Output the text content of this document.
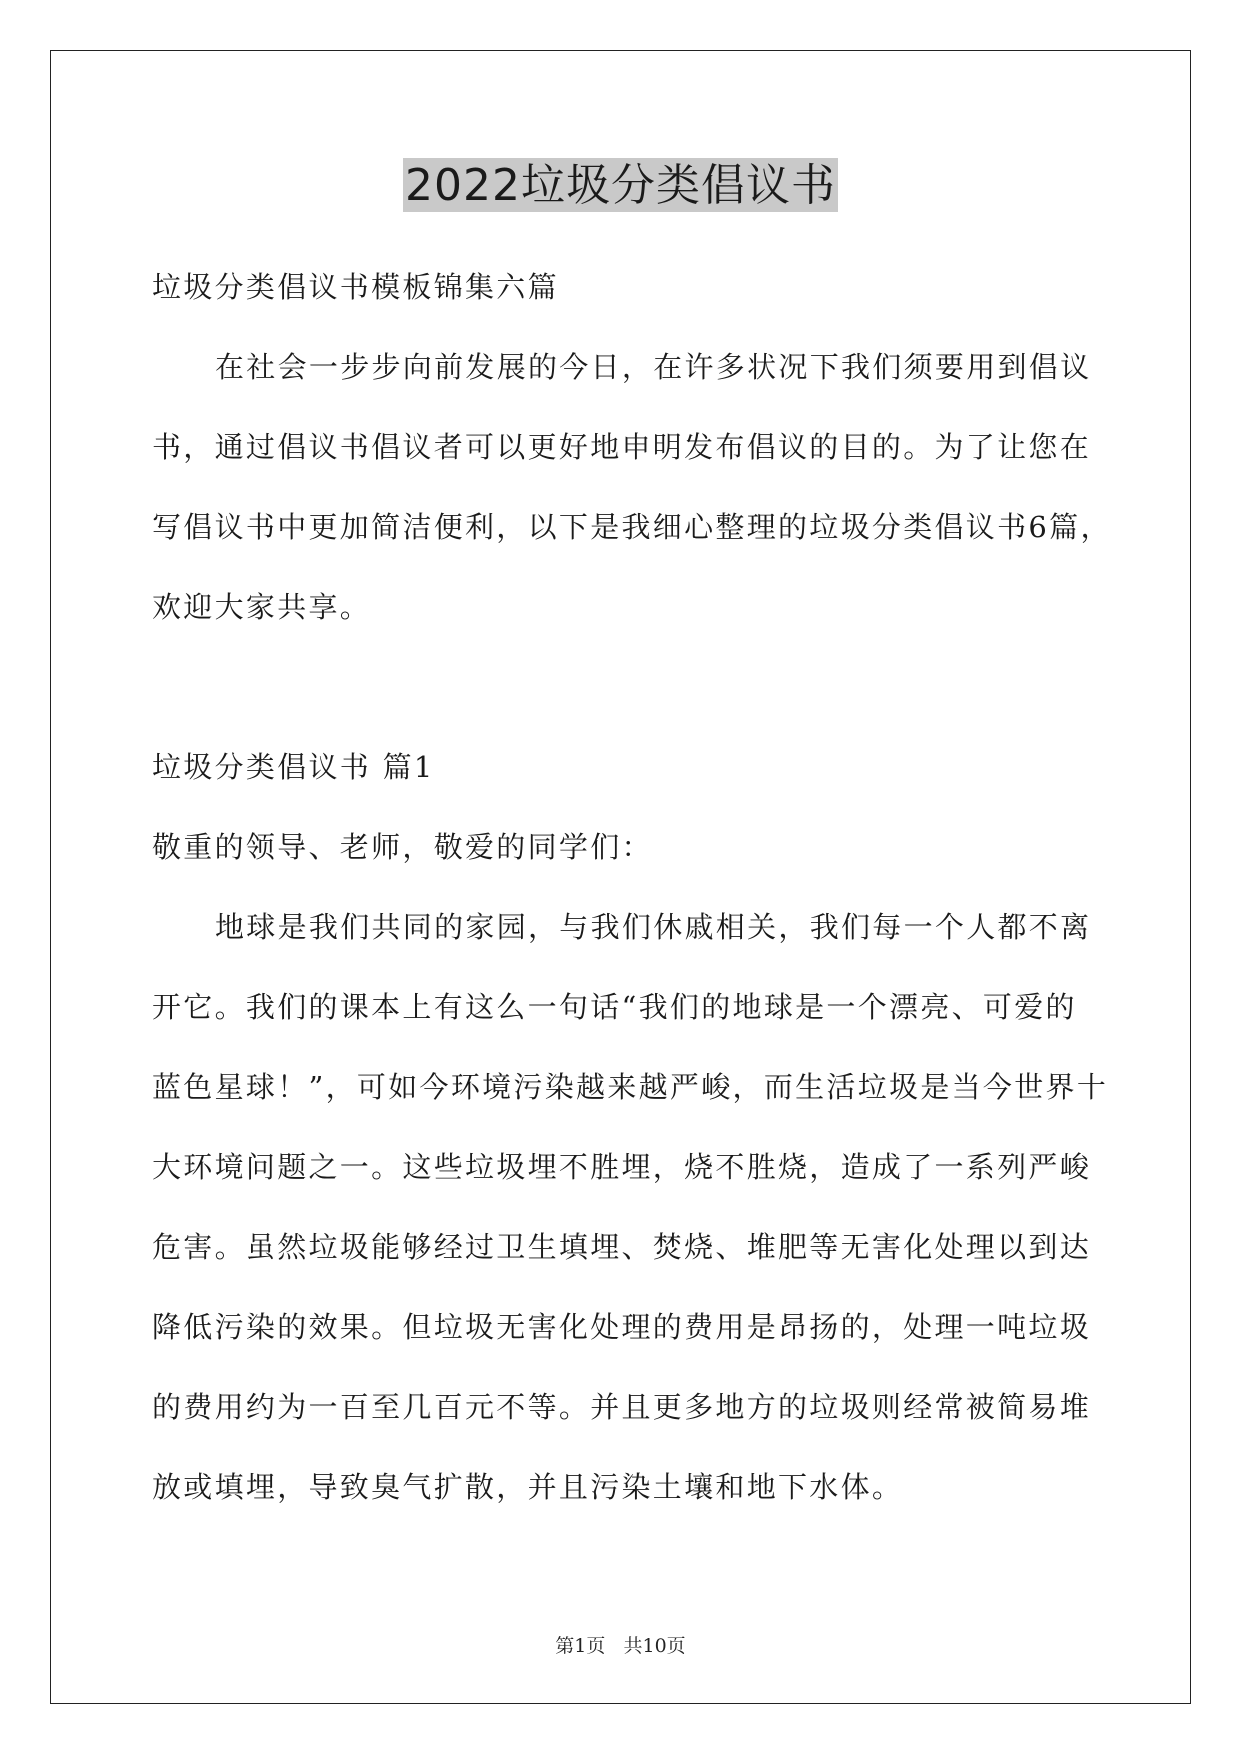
2022垃圾分类倡议书
垃圾分类倡议书模板锦集六篇
在社会一步步向前发展的今日，在许多状况下我们须要用到倡议
书，通过倡议书倡议者可以更好地申明发布倡议的目的。为了让您在
写倡议书中更加简洁便利，以下是我细心整理的垃圾分类倡议书6篇，
欢迎大家共享。
垃圾分类倡议书 篇1
敬重的领导、老师，敬爱的同学们：
地球是我们共同的家园，与我们休戚相关，我们每一个人都不离
开它。我们的课本上有这么一句话“我们的地球是一个漂亮、可爱的
蓝色星球！”，可如今环境污染越来越严峻，而生活垃圾是当今世界十
大环境问题之一。这些垃圾埋不胜埋，烧不胜烧，造成了一系列严峻
危害。虽然垃圾能够经过卫生填埋、焚烧、堆肥等无害化处理以到达
降低污染的效果。但垃圾无害化处理的费用是昂扬的，处理一吨垃圾
的费用约为一百至几百元不等。并且更多地方的垃圾则经常被简易堆
放或填埋，导致臭气扩散，并且污染土壤和地下水体。
第1页   共10页
